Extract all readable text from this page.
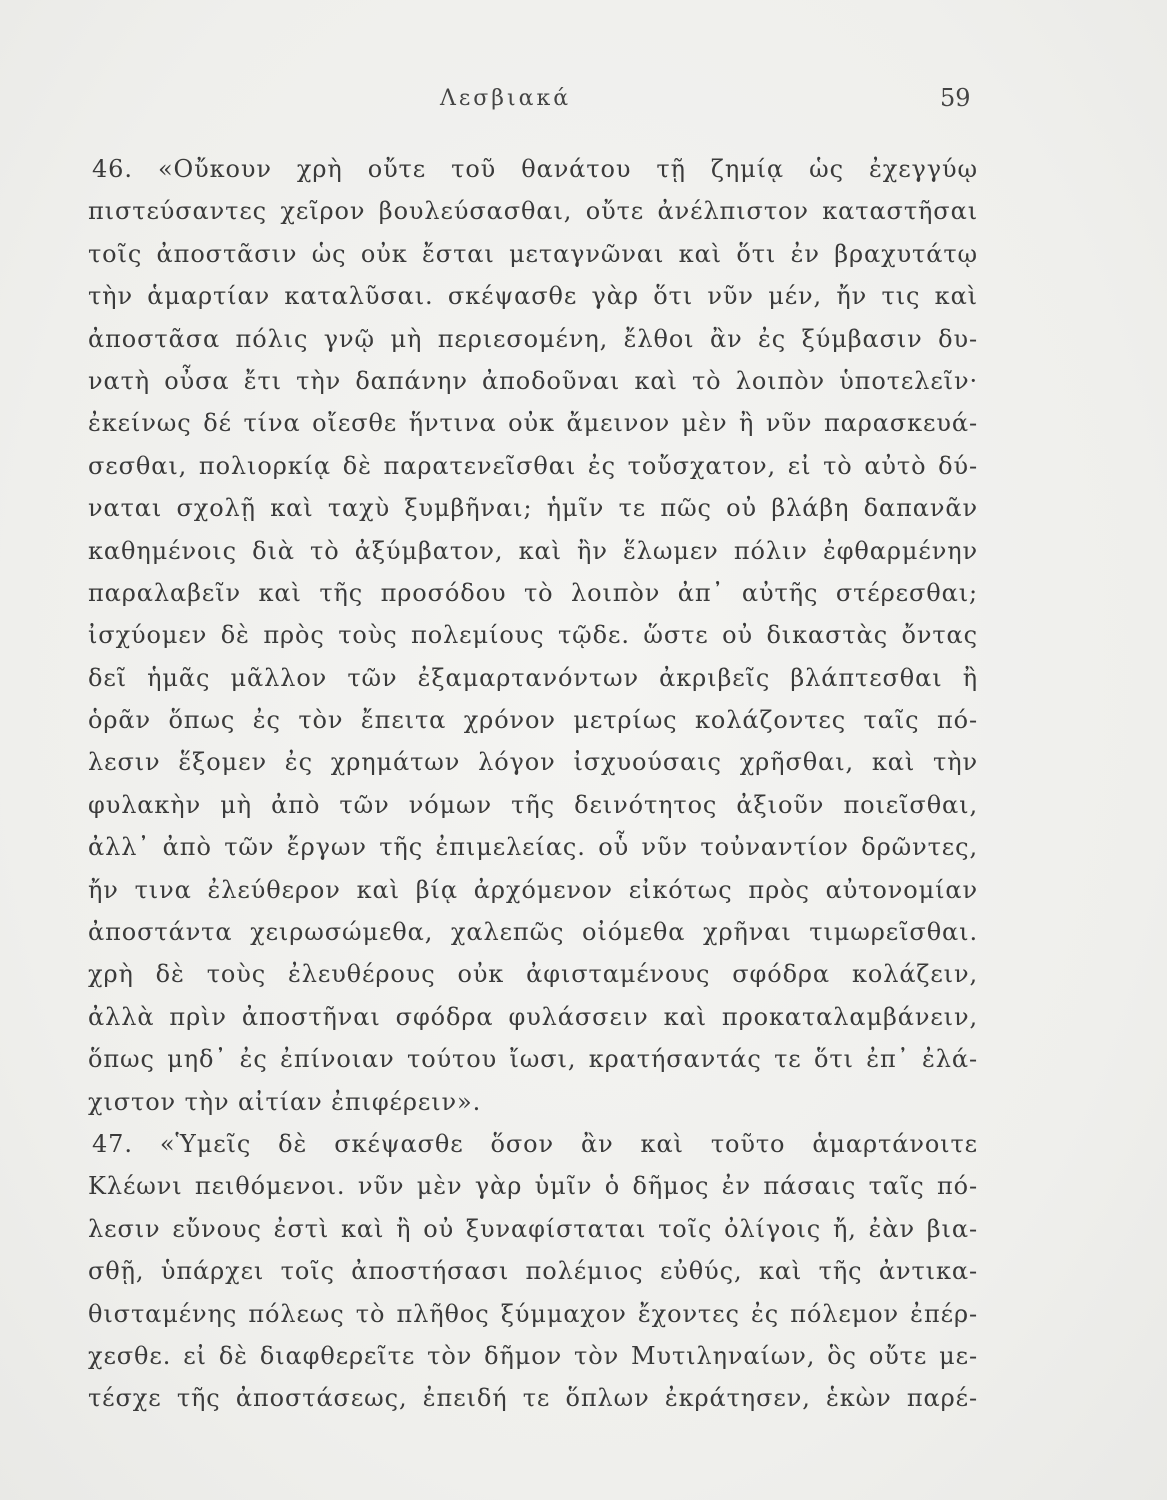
Λεσβιακά	59
46. «Οὔκουν χρὴ οὔτε τοῦ θανάτου τῇ ζημίᾳ ὡς ἐχεγγύῳ
πιστεύσαντες χεῖρον βουλεύσασθαι, οὔτε ἀνέλπιστον καταστῆσαι
τοῖς ἀποστᾶσιν ὡς οὐκ ἔσται μεταγνῶναι καὶ ὅτι ἐν βραχυτάτῳ
τὴν ἁμαρτίαν καταλῦσαι. σκέψασθε γὰρ ὅτι νῦν μέν, ἤν τις καὶ
ἀποστᾶσα πόλις γνῷ μὴ περιεσομένη, ἔλθοι ἂν ἐς ξύμβασιν δυ-
νατὴ οὖσα ἔτι τὴν δαπάνην ἀποδοῦναι καὶ τὸ λοιπὸν ὑποτελεῖν·
ἐκείνως δέ τίνα οἴεσθε ἥντινα οὐκ ἄμεινον μὲν ἢ νῦν παρασκευά-
σεσθαι, πολιορκίᾳ δὲ παρατενεῖσθαι ἐς τοὔσχατον, εἰ τὸ αὐτὸ δύ-
ναται σχολῇ καὶ ταχὺ ξυμβῆναι; ἡμῖν τε πῶς οὐ βλάβη δαπανᾶν
καθημένοις διὰ τὸ ἀξύμβατον, καὶ ἢν ἕλωμεν πόλιν ἐφθαρμένην
παραλαβεῖν καὶ τῆς προσόδου τὸ λοιπὸν ἀπ᾽ αὐτῆς στέρεσθαι;
ἰσχύομεν δὲ πρὸς τοὺς πολεμίους τῷδε. ὥστε οὐ δικαστὰς ὄντας
δεῖ ἡμᾶς μᾶλλον τῶν ἐξαμαρτανόντων ἀκριβεῖς βλάπτεσθαι ἢ
ὁρᾶν ὅπως ἐς τὸν ἔπειτα χρόνον μετρίως κολάζοντες ταῖς πό-
λεσιν ἕξομεν ἐς χρημάτων λόγον ἰσχυούσαις χρῆσθαι, καὶ τὴν
φυλακὴν μὴ ἀπὸ τῶν νόμων τῆς δεινότητος ἀξιοῦν ποιεῖσθαι,
ἀλλ᾽ ἀπὸ τῶν ἔργων τῆς ἐπιμελείας. οὗ νῦν τοὐναντίον δρῶντες,
ἤν τινα ἐλεύθερον καὶ βίᾳ ἀρχόμενον εἰκότως πρὸς αὐτονομίαν
ἀποστάντα χειρωσώμεθα, χαλεπῶς οἰόμεθα χρῆναι τιμωρεῖσθαι.
χρὴ δὲ τοὺς ἐλευθέρους οὐκ ἀφισταμένους σφόδρα κολάζειν,
ἀλλὰ πρὶν ἀποστῆναι σφόδρα φυλάσσειν καὶ προκαταλαμβάνειν,
ὅπως μηδ᾽ ἐς ἐπίνοιαν τούτου ἴωσι, κρατήσαντάς τε ὅτι ἐπ᾽ ἐλά-
χιστον τὴν αἰτίαν ἐπιφέρειν».
47. «Ὑμεῖς δὲ σκέψασθε ὅσον ἂν καὶ τοῦτο ἁμαρτάνοιτε
Κλέωνι πειθόμενοι. νῦν μὲν γὰρ ὑμῖν ὁ δῆμος ἐν πάσαις ταῖς πό-
λεσιν εὔνους ἐστὶ καὶ ἢ οὐ ξυναφίσταται τοῖς ὀλίγοις ἤ, ἐὰν βια-
σθῇ, ὑπάρχει τοῖς ἀποστήσασι πολέμιος εὐθύς, καὶ τῆς ἀντικα-
θισταμένης πόλεως τὸ πλῆθος ξύμμαχον ἔχοντες ἐς πόλεμον ἐπέρ-
χεσθε. εἰ δὲ διαφθερεῖτε τὸν δῆμον τὸν Μυτιληναίων, ὃς οὔτε με-
τέσχε τῆς ἀποστάσεως, ἐπειδή τε ὅπλων ἐκράτησεν, ἑκὼν παρέ-
